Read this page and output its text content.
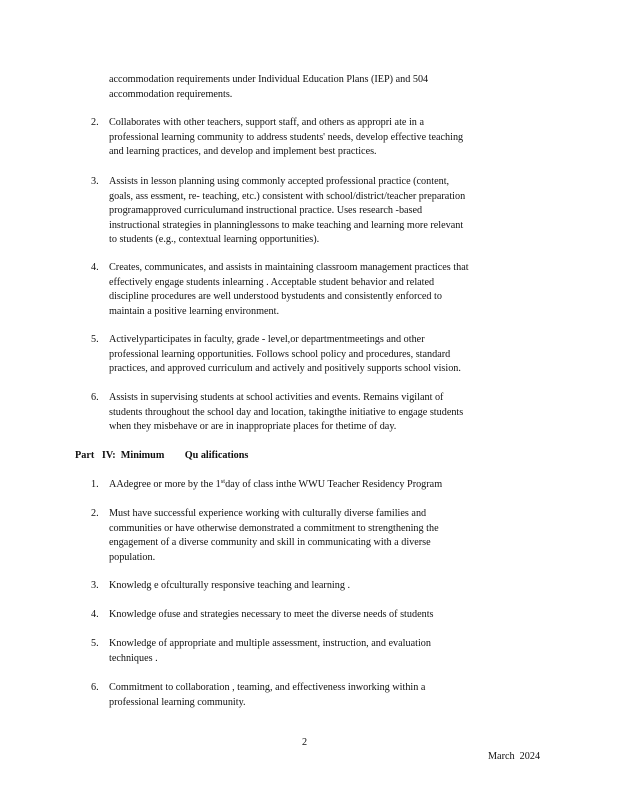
accommodation requirements under Individual Education Plans (IEP) and 504
accommodation requirements.
2. Collaborates with other teachers, support staff, and others as appropri ate in a
professional learning community to address students' needs, develop effective teaching
and learning practices, and develop and implement best practices.
3. Assists in lesson planning using commonly accepted professional practice (content,
goals, ass essment, re- teaching, etc.) consistent with school/district/teacher preparation
programapproved curriculumand instructional practice. Uses research -based
instructional strategies in planninglessons to make teaching and learning more relevant
to students (e.g., contextual learning opportunities).
4. Creates, communicates, and assists in maintaining classroom management practices that
effectively engage students inlearning . Acceptable student behavior and related
discipline procedures are well understood bystudents and consistently enforced to
maintain a positive learning environment.
5. Activelyparticipates in faculty, grade - level,or departmentmeetings and other
professional learning opportunities. Follows school policy and procedures, standard
practices, and approved curriculum and actively and positively supports school vision.
6. Assists in supervising students at school activities and events. Remains vigilant of
students throughout the school day and location, takingthe initiative to engage students
when they misbehave or are in inappropriate places for thetime of day.
Part   IV:  Minimum        Qu alifications
1. AAdegree or more by the 1stday of class inthe WWU Teacher Residency Program
2. Must have successful experience working with culturally diverse families and
communities or have otherwise demonstrated a commitment to strengthening the
engagement of a diverse community and skill in communicating with a diverse
population.
3. Knowledg e ofculturally responsive teaching and learning .
4. Knowledge ofuse and strategies necessary to meet the diverse needs of students
5. Knowledge of appropriate and multiple assessment, instruction, and evaluation
techniques .
6. Commitment to collaboration , teaming, and effectiveness inworking within a
professional learning community.
2
March  2024
